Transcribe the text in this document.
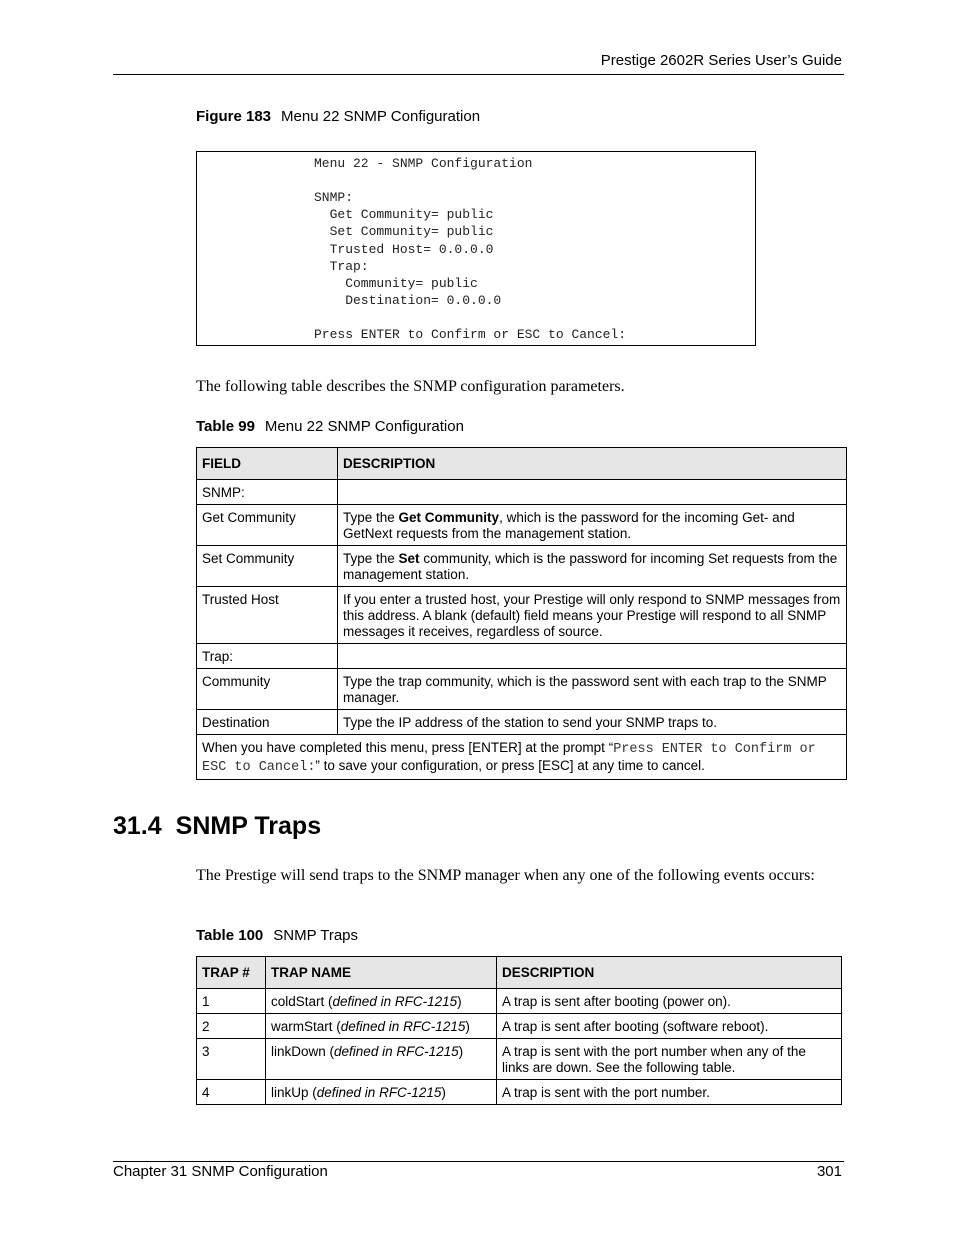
Prestige 2602R Series User’s Guide
Figure 183 Menu 22 SNMP Configuration
Menu 22 - SNMP Configuration
SNMP:
Get Community= public
Set Community= public
Trusted Host= 0.0.0.0
Trap:
Community= public
Destination= 0.0.0.0
Press ENTER to Confirm or ESC to Cancel:
The following table describes the SNMP configuration parameters.
Table 99 Menu 22 SNMP Configuration
FIELD	DESCRIPTION
SNMP:	
Get Community	Type the Get Community, which is the password for the incoming Get- and GetNext requests from the management station.
Set Community	Type the Set community, which is the password for incoming Set requests from the management station.
Trusted Host	If you enter a trusted host, your Prestige will only respond to SNMP messages from this address. A blank (default) field means your Prestige will respond to all SNMP messages it receives, regardless of source.
Trap:	
Community	Type the trap community, which is the password sent with each trap to the SNMP manager.
Destination	Type the IP address of the station to send your SNMP traps to.
When you have completed this menu, press [ENTER] at the prompt “Press ENTER to Confirm or ESC to Cancel:” to save your configuration, or press [ESC] at any time to cancel.	
31.4 SNMP Traps
The Prestige will send traps to the SNMP manager when any one of the following events occurs:
Table 100 SNMP Traps
TRAP #	TRAP NAME	DESCRIPTION
1	coldStart (defined in RFC-1215)	A trap is sent after booting (power on).
2	warmStart (defined in RFC-1215)	A trap is sent after booting (software reboot).
3	linkDown (defined in RFC-1215)	A trap is sent with the port number when any of the links are down. See the following table.
4	linkUp (defined in RFC-1215)	A trap is sent with the port number.
Chapter 31 SNMP Configuration	301
